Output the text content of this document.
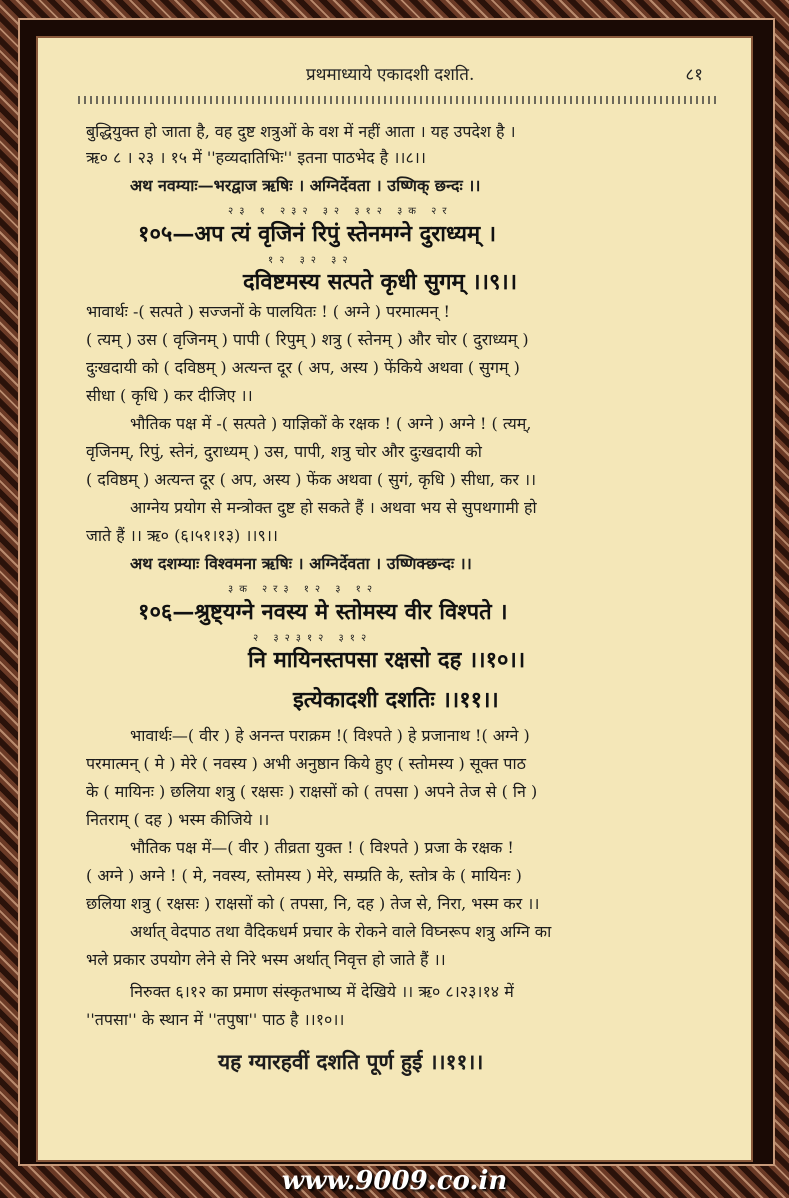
प्रथमाध्याये एकादशी दशति.	८१
बुद्धियुक्त हो जाता है, वह दुष्ट शत्रुओं के वश में नहीं आता । यह उपदेश है ।
ऋ० ८ । २३ । १५ में ''हव्यदातिभिः'' इतना पाठभेद है ।।८।।
अथ नवम्याः—भरद्वाज ऋषिः । अग्निर्देवता । उष्णिक् छन्दः ।।
२३ १ २३२ ३२ ३१२ ३क २र
१०५—अप त्यं वृजिनं रिपुं स्तेनमग्ने दुराध्यम् ।
१२ ३२ ३२
दविष्टमस्य सत्पते कृधी सुगम् ।।९।।
भावार्थः -( सत्पते ) सज्जनों के पालयितः ! ( अग्ने ) परमात्मन् !
( त्यम् ) उस ( वृजिनम् ) पापी ( रिपुम् ) शत्रु ( स्तेनम् ) और चोर ( दुराध्यम् )
दुःखदायी को ( दविष्ठम् ) अत्यन्त दूर ( अप, अस्य ) फेंकिये अथवा ( सुगम् )
सीधा ( कृधि ) कर दीजिए ।।
भौतिक पक्ष में -( सत्पते ) याज्ञिकों के रक्षक ! ( अग्ने ) अग्ने ! ( त्यम्,
वृजिनम्, रिपुं, स्तेनं, दुराध्यम् ) उस, पापी, शत्रु चोर और दुःखदायी को
( दविष्ठम् ) अत्यन्त दूर ( अप, अस्य ) फेंक अथवा ( सुगं, कृधि ) सीधा, कर ।।
आग्नेय प्रयोग से मन्त्रोक्त दुष्ट हो सकते हैं । अथवा भय से सुपथगामी हो
जाते हैं ।। ऋ० (६।५१।१३) ।।९।।
अथ दशम्याः विश्वमना ऋषिः । अग्निर्देवता । उष्णिक्छन्दः ।।
३क २र३ १२ ३ १२
१०६—श्रुष्ट्यग्ने नवस्य मे स्तोमस्य वीर विश्पते ।
२ ३२३१२ ३१२
नि मायिनस्तपसा रक्षसो दह ।।१०।।
इत्येकादशी दशतिः ।।११।।
भावार्थः—( वीर ) हे अनन्त पराक्रम !( विश्पते ) हे प्रजानाथ !( अग्ने )
परमात्मन् ( मे ) मेरे ( नवस्य ) अभी अनुष्ठान किये हुए ( स्तोमस्य ) सूक्त पाठ
के ( मायिनः ) छलिया शत्रु ( रक्षसः ) राक्षसों को ( तपसा ) अपने तेज से ( नि )
नितराम् ( दह ) भस्म कीजिये ।।
भौतिक पक्ष में—( वीर ) तीव्रता युक्त ! ( विश्पते ) प्रजा के रक्षक !
( अग्ने ) अग्ने ! ( मे, नवस्य, स्तोमस्य ) मेरे, सम्प्रति के, स्तोत्र के ( मायिनः )
छलिया शत्रु ( रक्षसः ) राक्षसों को ( तपसा, नि, दह ) तेज से, निरा, भस्म कर ।।
अर्थात् वेदपाठ तथा वैदिकधर्म प्रचार के रोकने वाले विघ्नरूप शत्रु अग्नि का
भले प्रकार उपयोग लेने से निरे भस्म अर्थात् निवृत्त हो जाते हैं ।।
निरुक्त ६।१२ का प्रमाण संस्कृतभाष्य में देखिये ।। ऋ० ८।२३।१४ में
''तपसा'' के स्थान में ''तपुषा'' पाठ है ।।१०।।
यह ग्यारहवीं दशति पूर्ण हुई ।।११।।
www.9009.co.in
